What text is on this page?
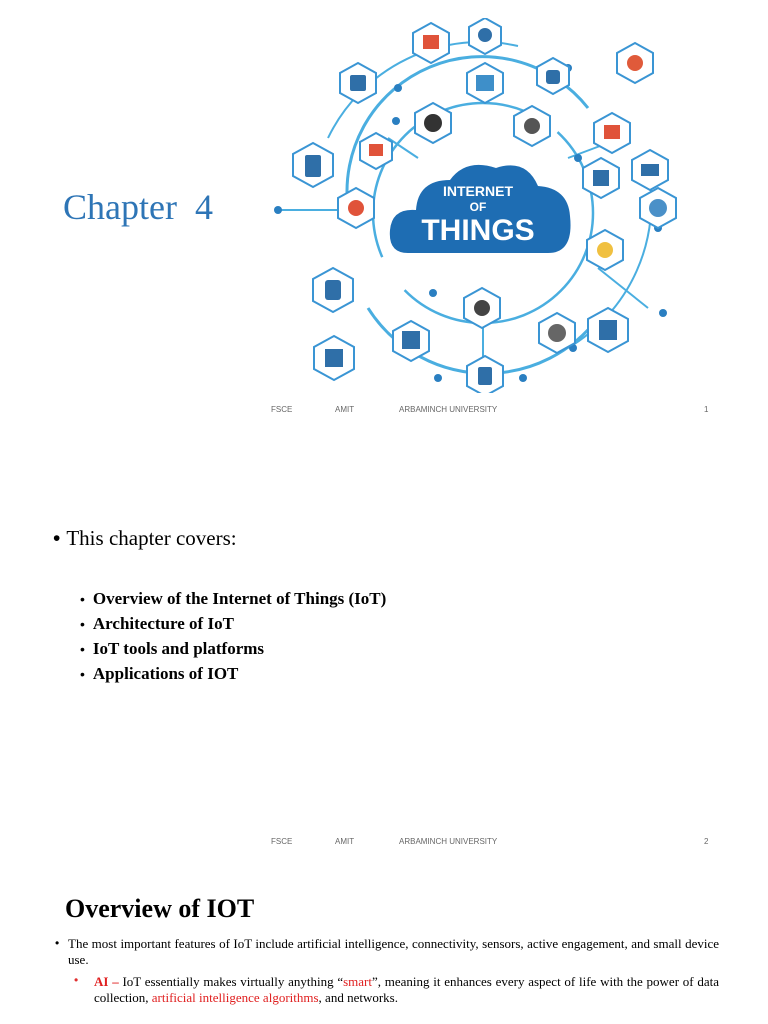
Chapter  4	INTERNET
OF
THINGS
FSCE	AMIT	ARBAMINCH UNIVERSITY	1

• This chapter covers:

• Overview of the Internet of Things (IoT)
• Architecture of IoT
• IoT tools and platforms
• Applications of IOT
FSCE	AMIT	ARBAMINCH UNIVERSITY	2
Overview of IOT
• The most important features of IoT include artificial intelligence, connectivity, sensors, active engagement, and small device use.

• AI – IoT essentially makes virtually anything “smart”, meaning it enhances every aspect of life with the power of data collection, artificial intelligence algorithms, and networks.
